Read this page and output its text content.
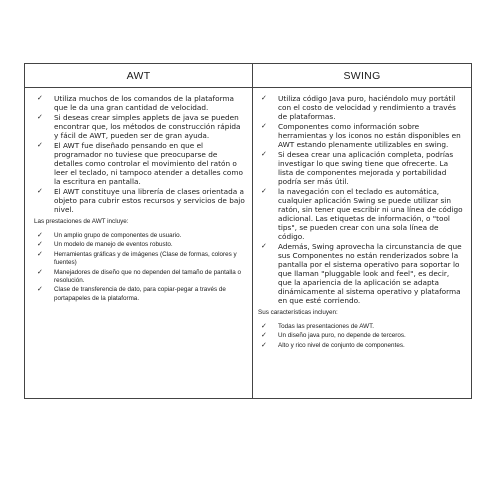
AWT	SWING
✓ Utiliza muchos de los comandos de la plataforma que le da una gran cantidad de velocidad.
✓ Si deseas crear simples applets de java se pueden encontrar que, los métodos de construcción rápida y fácil de AWT, pueden ser de gran ayuda.
✓ El AWT fue diseñado pensando en que el programador no tuviese que preocuparse de detalles como controlar el movimiento del ratón o leer el teclado, ni tampoco atender a detalles como la escritura en pantalla.
✓ El AWT constituye una librería de clases orientada a objeto para cubrir estos recursos y servicios de bajo nivel.
Las prestaciones de AWT incluye:
✓ Un amplio grupo de componentes de usuario.
✓ Un modelo de manejo de eventos robusto.
✓ Herramientas gráficas y de imágenes (Clase de formas, colores y fuentes)
✓ Manejadores de diseño que no dependen del tamaño de pantalla o resolución.
✓ Clase de transferencia de dato, para copiar-pegar a través de portapapeles de la plataforma.
✓ Utiliza código Java puro, haciéndolo muy portátil con el costo de velocidad y rendimiento a través de plataformas.
✓ Componentes como información sobre herramientas y los iconos no están disponibles en AWT estando plenamente utilizables en swing.
✓ Si desea crear una aplicación completa, podrías investigar lo que swing tiene que ofrecerte. La lista de componentes mejorada y portabilidad podría ser más útil.
✓ la navegación con el teclado es automática, cualquier aplicación Swing se puede utilizar sin ratón, sin tener que escribir ni una línea de código adicional. Las etiquetas de información, o "tool tips", se pueden crear con una sola línea de código.
✓ Además, Swing aprovecha la circunstancia de que sus Componentes no están renderizados sobre la pantalla por el sistema operativo para soportar lo que llaman "pluggable look and feel", es decir, que la apariencia de la aplicación se adapta dinámicamente al sistema operativo y plataforma en que esté corriendo.
Sus características incluyen:
✓ Todas las presentaciones de AWT.
✓ Un diseño java puro, no depende de terceros.
✓ Alto y rico nivel de conjunto de componentes.
